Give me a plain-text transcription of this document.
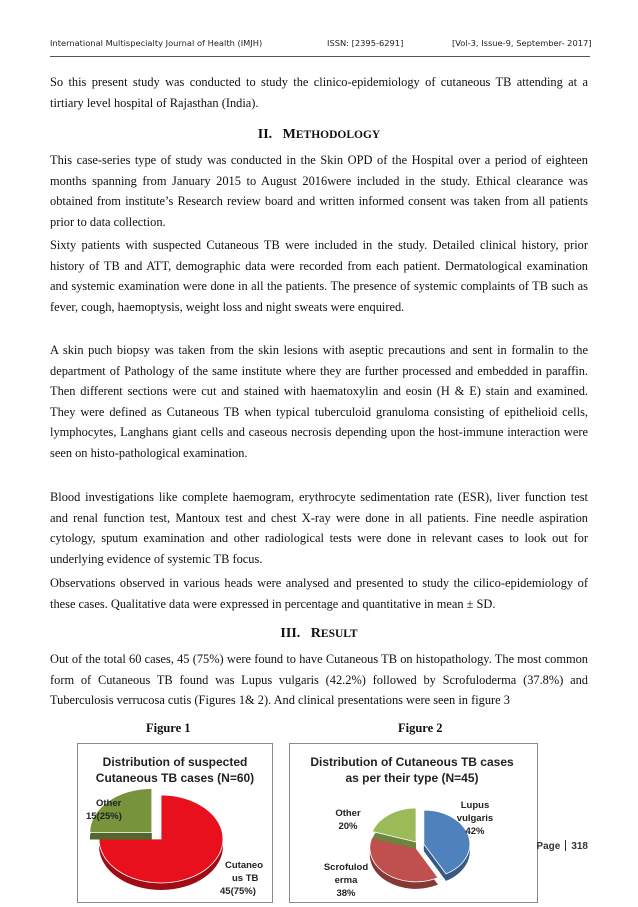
International Multispecialty Journal of Health (IMJH)	ISSN: [2395-6291]	[Vol-3, Issue-9, September- 2017]

So this present study was conducted to study the clinico-epidemiology of cutaneous TB attending at a tirtiary level hospital of Rajasthan (India).

II. METHODOLOGY

This case-series type of study was conducted in the Skin OPD of the Hospital over a period of eighteen months spanning from January 2015 to August 2016were included in the study. Ethical clearance was obtained from institute’s Research review board and written informed consent was taken from all patients prior to data collection.

Sixty patients with suspected Cutaneous TB were included in the study. Detailed clinical history, prior history of TB and ATT, demographic data were recorded from each patient. Dermatological examination and systemic examination were done in all the patients. The presence of systemic complaints of TB such as fever, cough, haemoptysis, weight loss and night sweats were enquired.

A skin puch biopsy was taken from the skin lesions with aseptic precautions and sent in formalin to the department of Pathology of the same institute where they are further processed and embedded in paraffin. Then different sections were cut and stained with haematoxylin and eosin (H & E) stain and examined. They were defined as Cutaneous TB when typical tuberculoid granuloma consisting of epithelioid cells, lymphocytes, Langhans giant cells and caseous necrosis depending upon the host-immune interaction were seen on histo-pathological examination.

Blood investigations like complete haemogram, erythrocyte sedimentation rate (ESR), liver function test and renal function test, Mantoux test and chest X-ray were done in all patients. Fine needle aspiration cytology, sputum examination and other radiological tests were done in relevant cases to look out for underlying evidence of systemic TB focus.

Observations observed in various heads were analysed and presented to study the cilico-epidemiology of these cases. Qualitative data were expressed in percentage and quantitative in mean ± SD.

III. RESULT

Out of the total 60 cases, 45 (75%) were found to have Cutaneous TB on histopathology. The most common form of Cutaneous TB found was Lupus vulgaris (42.2%) followed by Scrofuloderma (37.8%) and Tuberculosis verrucosa cutis (Figures 1& 2). And clinical presentations were seen in figure 3

Figure 1	Figure 2
Distribution of suspected
Cutaneous TB cases (N=60)
Other
15(25%)
Cutaneo
us TB
45(75%)
Distribution of Cutaneous TB cases
as per their type (N=45)
Lupus
vulgaris
42%
Other
20%
Scrofulod
erma
38%
Page 318
